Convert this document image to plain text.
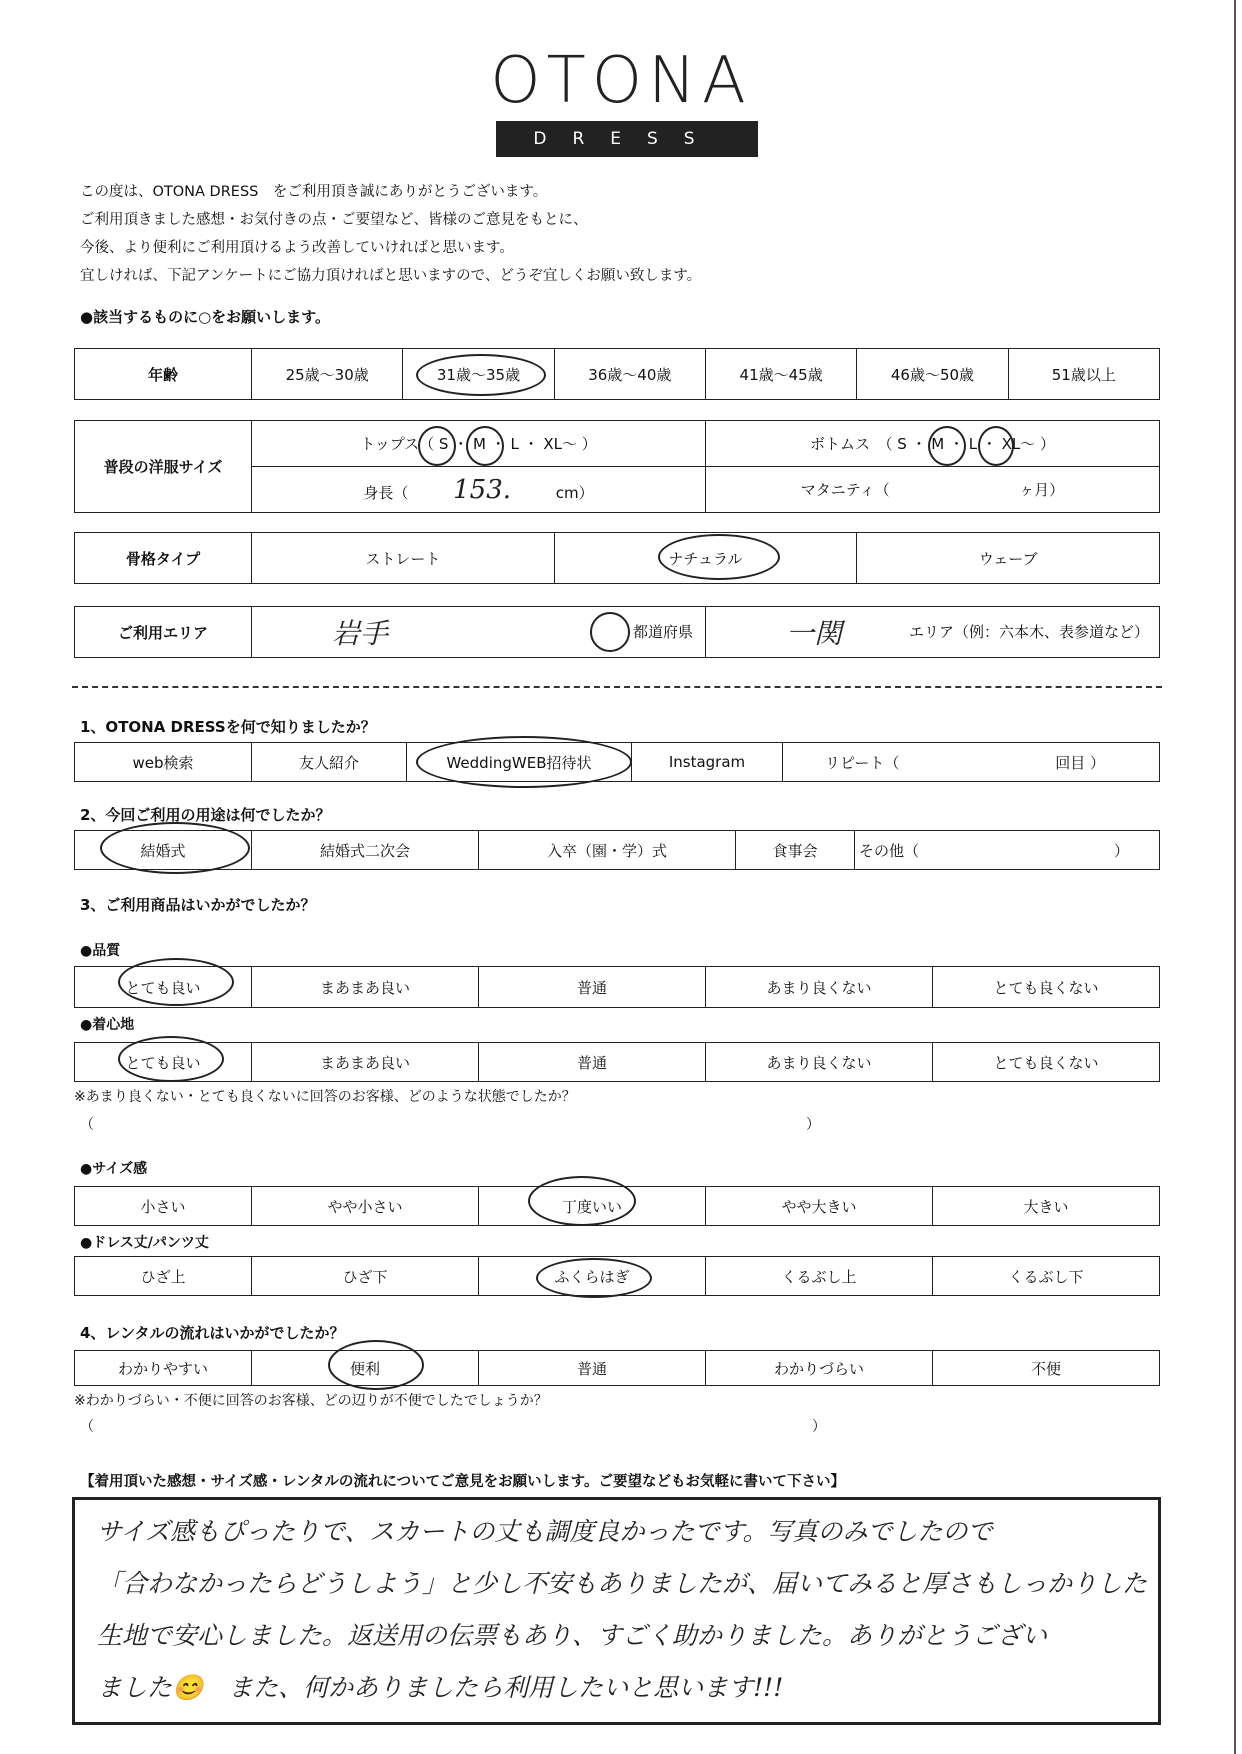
OTONA
DRESS
この度は、OTONA DRESS　をご利用頂き誠にありがとうございます。
ご利用頂きました感想・お気付きの点・ご要望など、皆様のご意見をもとに、
今後、より便利にご利用頂けるよう改善していければと思います。
宜しければ、下記アンケートにご協力頂ければと思いますので、どうぞ宜しくお願い致します。
●該当するものに○をお願いします。
年齢	25歳～30歳	31歳～35歳	36歳～40歳	41歳～45歳	46歳～50歳	51歳以上
普段の洋服サイズ	トップス（ S ・ M ・ L ・ XL～ ）	ボトムス　（ S ・ M ・ L ・ XL～ ）
	身長（ 153. cm）	マタニティ（ ヶ月）
骨格タイプ	ストレート	ナチュラル	ウェーブ
ご利用エリア	岩手	都道府県	一関	エリア（例：六本木、表参道など）
1、OTONA DRESSを何で知りましたか？
web検索	友人紹介	WeddingWEB招待状	Instagram	リピート（	回目 ）
2、今回ご利用の用途は何でしたか？
結婚式	結婚式二次会	入卒（園・学）式	食事会	その他（	）
3、ご利用商品はいかがでしたか？
●品質
とても良い	まあまあ良い	普通	あまり良くない	とても良くない
●着心地
とても良い	まあまあ良い	普通	あまり良くない	とても良くない
※あまり良くない・とても良くないに回答のお客様、どのような状態でしたか？
（	）
●サイズ感
小さい	やや小さい	丁度いい	やや大きい	大きい
●ドレス丈/パンツ丈
ひざ上	ひざ下	ふくらはぎ	くるぶし上	くるぶし下
4、レンタルの流れはいかがでしたか？
わかりやすい	便利	普通	わかりづらい	不便
※わかりづらい・不便に回答のお客様、どの辺りが不便でしたでしょうか？
（	）
【着用頂いた感想・サイズ感・レンタルの流れについてご意見をお願いします。ご要望などもお気軽に書いて下さい】
サイズ感もぴったりで、スカートの丈も調度良かったです。写真のみでしたので
「合わなかったらどうしよう」と少し不安もありましたが、届いてみると厚さもしっかりした
生地で安心しました。返送用の伝票もあり、すごく助かりました。ありがとうござい
ました😊　また、何かありましたら利用したいと思います!!!
